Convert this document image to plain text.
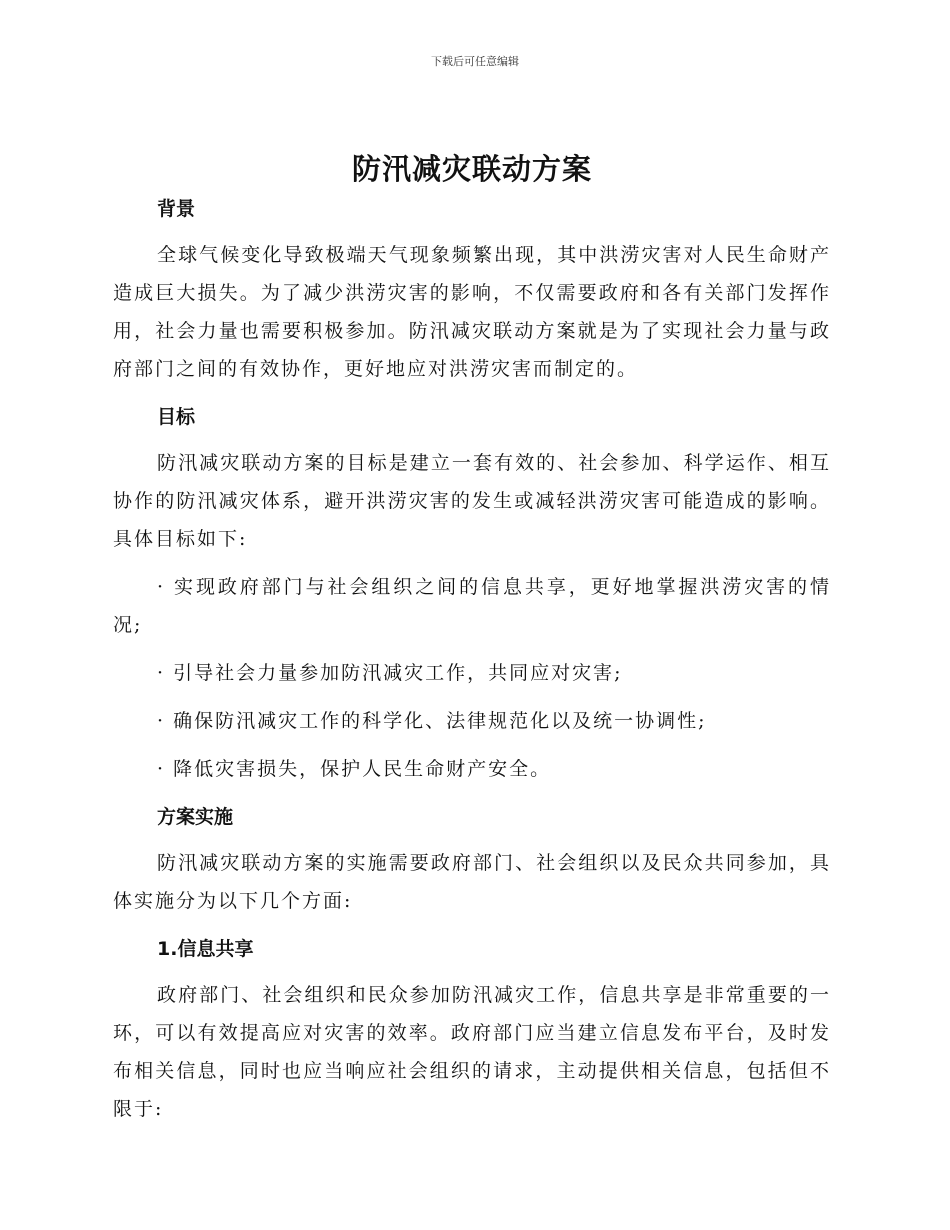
下载后可任意编辑
防汛减灾联动方案
背景

全球气候变化导致极端天气现象频繁出现，其中洪涝灾害对人民生命财产造成巨大损失。为了减少洪涝灾害的影响，不仅需要政府和各有关部门发挥作用，社会力量也需要积极参加。防汛减灾联动方案就是为了实现社会力量与政府部门之间的有效协作，更好地应对洪涝灾害而制定的。

目标

防汛减灾联动方案的目标是建立一套有效的、社会参加、科学运作、相互协作的防汛减灾体系，避开洪涝灾害的发生或减轻洪涝灾害可能造成的影响。具体目标如下:

· 实现政府部门与社会组织之间的信息共享，更好地掌握洪涝灾害的情况;

· 引导社会力量参加防汛减灾工作，共同应对灾害;

· 确保防汛减灾工作的科学化、法律规范化以及统一协调性;

· 降低灾害损失，保护人民生命财产安全。

方案实施

防汛减灾联动方案的实施需要政府部门、社会组织以及民众共同参加，具体实施分为以下几个方面:

1.信息共享

政府部门、社会组织和民众参加防汛减灾工作，信息共享是非常重要的一环，可以有效提高应对灾害的效率。政府部门应当建立信息发布平台，及时发布相关信息，同时也应当响应社会组织的请求，主动提供相关信息，包括但不限于:
